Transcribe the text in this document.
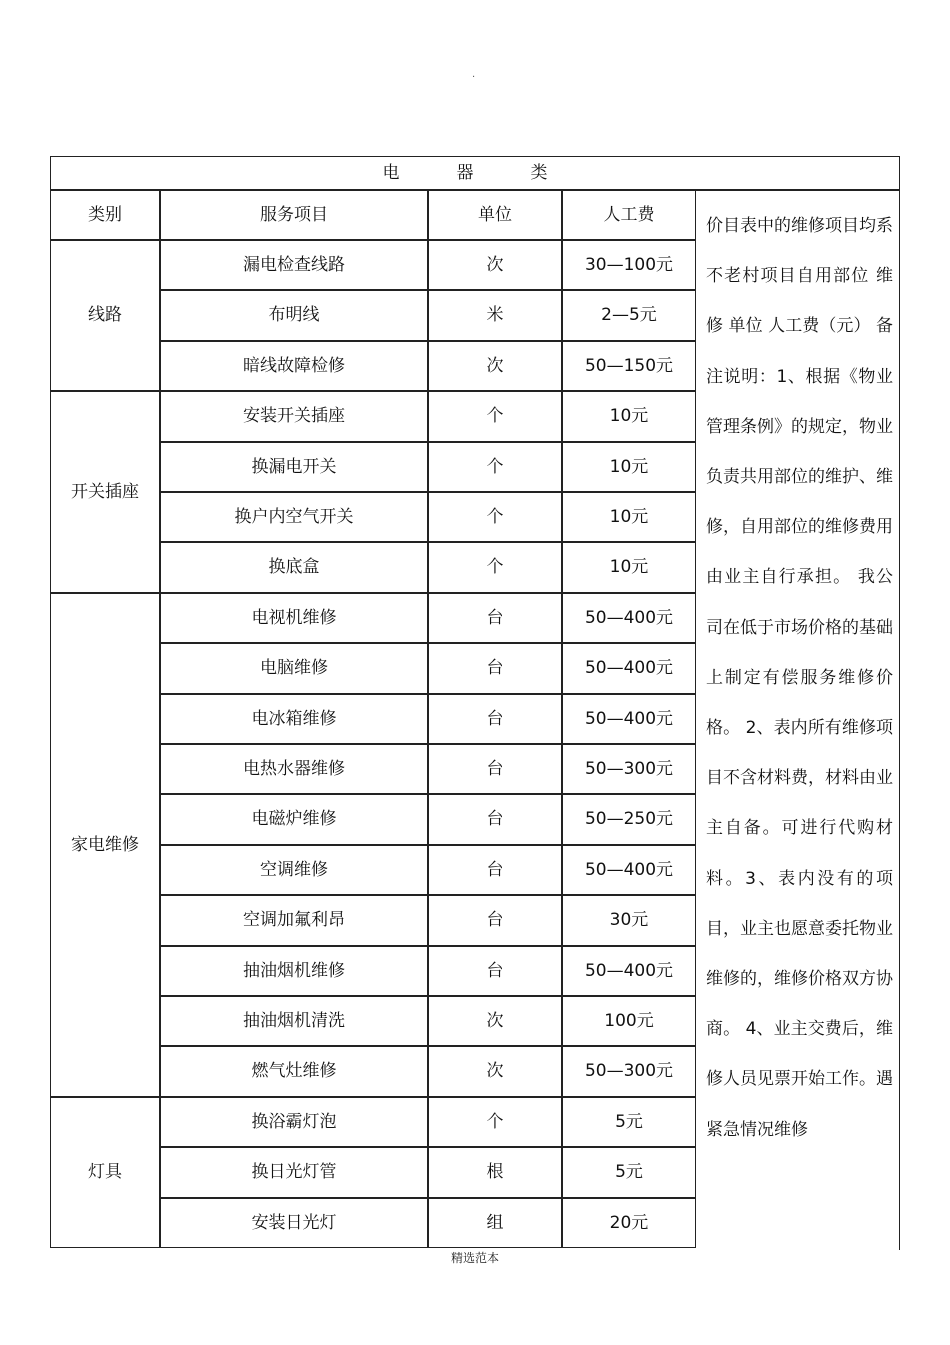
·
电　器　类

价目表中的维修项目均系不老村项目自用部位 维修 单位 人工费（元） 备注说明：1、根据《物业管理条例》的规定，物业负责共用部位的维护、维修，自用部位的维修费用由业主自行承担。 我公司在低于市场价格的基础上制定有偿服务维修价格。 2、表内所有维修项目不含材料费，材料由业主自备。可进行代购材料。3、表内没有的项目，业主也愿意委托物业维修的，维修价格双方协商。 4、业主交费后，维修人员见票开始工作。遇紧急情况维修

类别	服务项目	单位	人工费
线路
漏电检查线路	次	30—100元
布明线	米	2—5元
暗线故障检修	次	50—150元
开关插座
安装开关插座	个	10元
换漏电开关	个	10元
换户内空气开关	个	10元
换底盒	个	10元
家电维修
电视机维修	台	50—400元
电脑维修	台	50—400元
电冰箱维修	台	50—400元
电热水器维修	台	50—300元
电磁炉维修	台	50—250元
空调维修	台	50—400元
空调加氟利昂	台	30元
抽油烟机维修	台	50—400元
抽油烟机清洗	次	100元
燃气灶维修	次	50—300元
灯具
换浴霸灯泡	个	5元
换日光灯管	根	5元
安装日光灯	组	20元
精选范本
